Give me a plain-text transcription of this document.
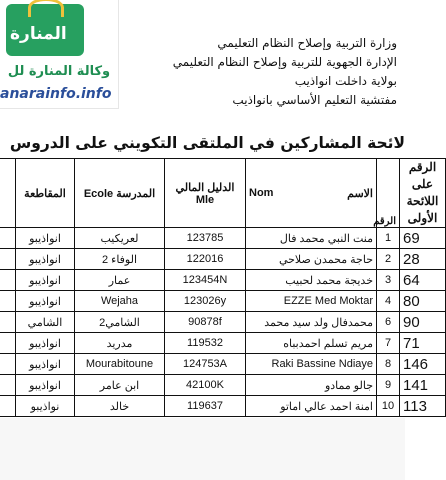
المنارة
وكالة المنارة لل
anarainfo.info
وزارة التربية وإصلاح النظام التعليمي
الإدارة الجهوية للتربية وإصلاح النظام التعليمي
بولاية داخلت انواذيب
مفتشية التعليم الأساسي بانواذيب
لائحة المشاركين في الملتقى التكويني على الدروس
	المقاطعة	Ecole المدرسة	الدليل المالي Mle	Nom الاسم	الرقم	الرقم على اللائحة الأولى
	انواذيبو	لعريكيب	123785	منت النبي محمد فال	1	69
	انواذيبو	الوفاء 2	122016	حاجة محمدن صلاحي	2	28
	انواذيبو	عمار	123454N	خديجة محمد لحبيب	3	64
	انواذيبو	Wejaha	123026y	EZZE Med Moktar	4	80
	الشامي	الشامي2	90878f	محمدفال ولد سيد محمد	6	90
	انواذيبو	مدريد	119532	مريم تسلم احمدبباه	7	71
	انواذيبو	Mourabitoune	124753A	Raki Bassine Ndiaye	8	146
	انواذيبو	ابن عامر	42100K	جالو ممادو	9	141
	نواذيبو	خالد	119637	امنة احمد عالي اماتو	10	113
